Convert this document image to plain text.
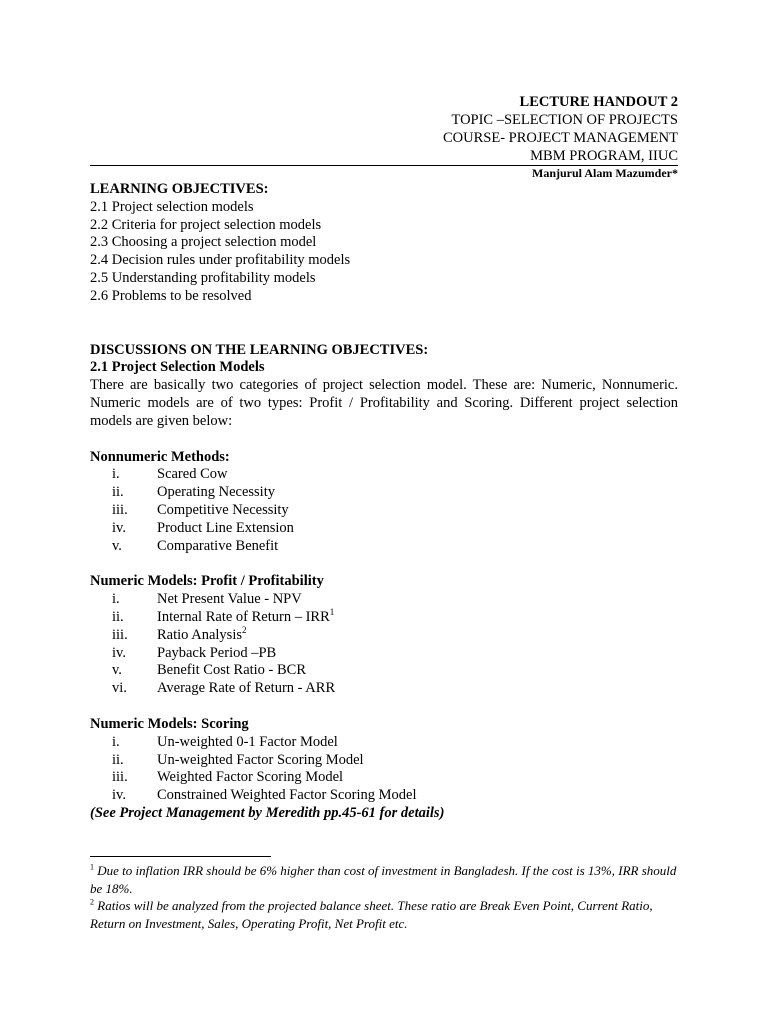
LECTURE HANDOUT 2
TOPIC –SELECTION OF PROJECTS
COURSE- PROJECT MANAGEMENT
MBM PROGRAM, IIUC
Manjurul Alam Mazumder*
LEARNING OBJECTIVES:
2.1 Project selection models
2.2 Criteria for project selection models
2.3 Choosing a project selection model
2.4 Decision rules under profitability models
2.5 Understanding profitability models
2.6 Problems to be resolved
DISCUSSIONS ON THE LEARNING OBJECTIVES:
2.1 Project Selection Models

There are basically two categories of project selection model. These are: Numeric, Nonnumeric. Numeric models are of two types: Profit / Profitability and Scoring. Different project selection models are given below:

Nonnumeric Methods:
i.	Scared Cow
ii. Operating Necessity
iii. Competitive Necessity
iv. Product Line Extension
v. Comparative Benefit
Numeric Models: Profit / Profitability
i.	Net Present Value - NPV
ii. Internal Rate of Return – IRR$^1$
iii. Ratio Analysis$^2$
iv. Payback Period –PB
v. Benefit Cost Ratio - BCR
vi. Average Rate of Return - ARR
Numeric Models: Scoring
i.	Un-weighted 0-1 Factor Model
ii. Un-weighted Factor Scoring Model
iii. Weighted Factor Scoring Model
iv. Constrained Weighted Factor Scoring Model
(See Project Management by Meredith pp.45-61 for details)

$^1$ Due to inflation IRR should be 6% higher than cost of investment in Bangladesh. If the cost is 13%, IRR should be 18%.

$^2$ Ratios will be analyzed from the projected balance sheet. These ratio are Break Even Point, Current Ratio, Return on Investment, Sales, Operating Profit, Net Profit etc.
